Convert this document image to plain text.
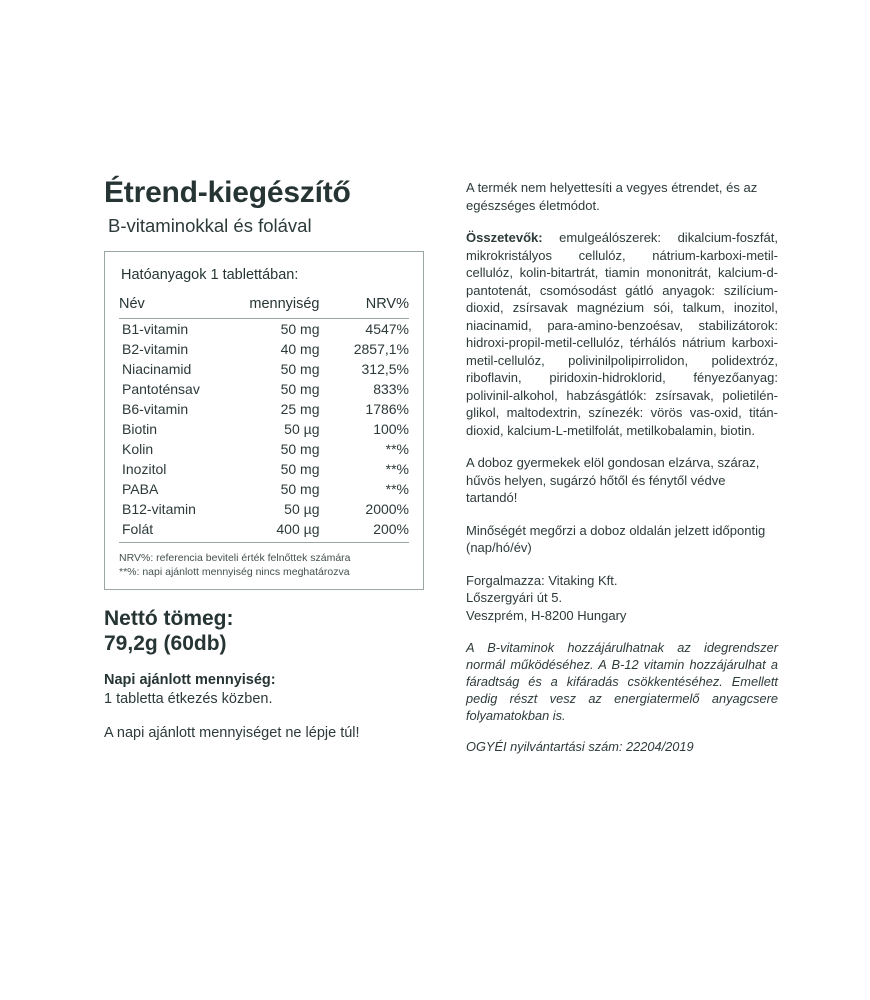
Étrend-kiegészítő
B-vitaminokkal és folával
Hatóanyagok 1 tablettában:
Név	mennyiség	NRV%
B1-vitamin	50 mg	4547%
B2-vitamin	40 mg	2857,1%
Niacinamid	50 mg	312,5%
Pantoténsav	50 mg	833%
B6-vitamin	25 mg	1786%
Biotin	50 µg	100%
Kolin	50 mg	**%
Inozitol	50 mg	**%
PABA	50 mg	**%
B12-vitamin	50 µg	2000%
Folát	400 µg	200%
NRV%: referencia beviteli érték felnőttek számára
**%: napi ajánlott mennyiség nincs meghatározva
Nettó tömeg:
79,2g (60db)
Napi ajánlott mennyiség:
1 tabletta étkezés közben.
A napi ajánlott mennyiséget ne lépje túl!

A termék nem helyettesíti a vegyes étrendet, és az egészséges életmódot.

Összetevők: emulgeálószerek: dikalcium-foszfát, mikrokristályos cellulóz, nátrium-karboxi-metil-cellulóz, kolin-bitartrát, tiamin mononitrát, kalcium-d-pantotenát, csomósodást gátló anyagok: szilícium-dioxid, zsírsavak magnézium sói, talkum, inozitol, niacinamid, para-amino-benzoésav, stabilizátorok: hidroxi-propil-metil-cellulóz, térhálós nátrium karboxi-metil-cellulóz, polivinilpolipirrolidon, polidextróz, riboflavin, piridoxin-hidroklorid, fényezőanyag: polivinil-alkohol, habzásgátlók: zsírsavak, polietilén-glikol, maltodextrin, színezék: vörös vas-oxid, titán-dioxid, kalcium-L-metilfolát, metilkobalamin, biotin.

A doboz gyermekek elöl gondosan elzárva, száraz, hűvös helyen, sugárzó hőtől és fénytől védve tartandó!

Minőségét megőrzi a doboz oldalán jelzett időpontig (nap/hó/év)

Forgalmazza: Vitaking Kft.
Lőszergyári út 5.
Veszprém, H-8200 Hungary

A B-vitaminok hozzájárulhatnak az idegrendszer normál működéséhez. A B-12 vitamin hozzájárulhat a fáradtság és a kifáradás csökkentéséhez. Emellett pedig részt vesz az energiatermelő anyagcsere folyamatokban is.

OGYÉI nyilvántartási szám: 22204/2019
